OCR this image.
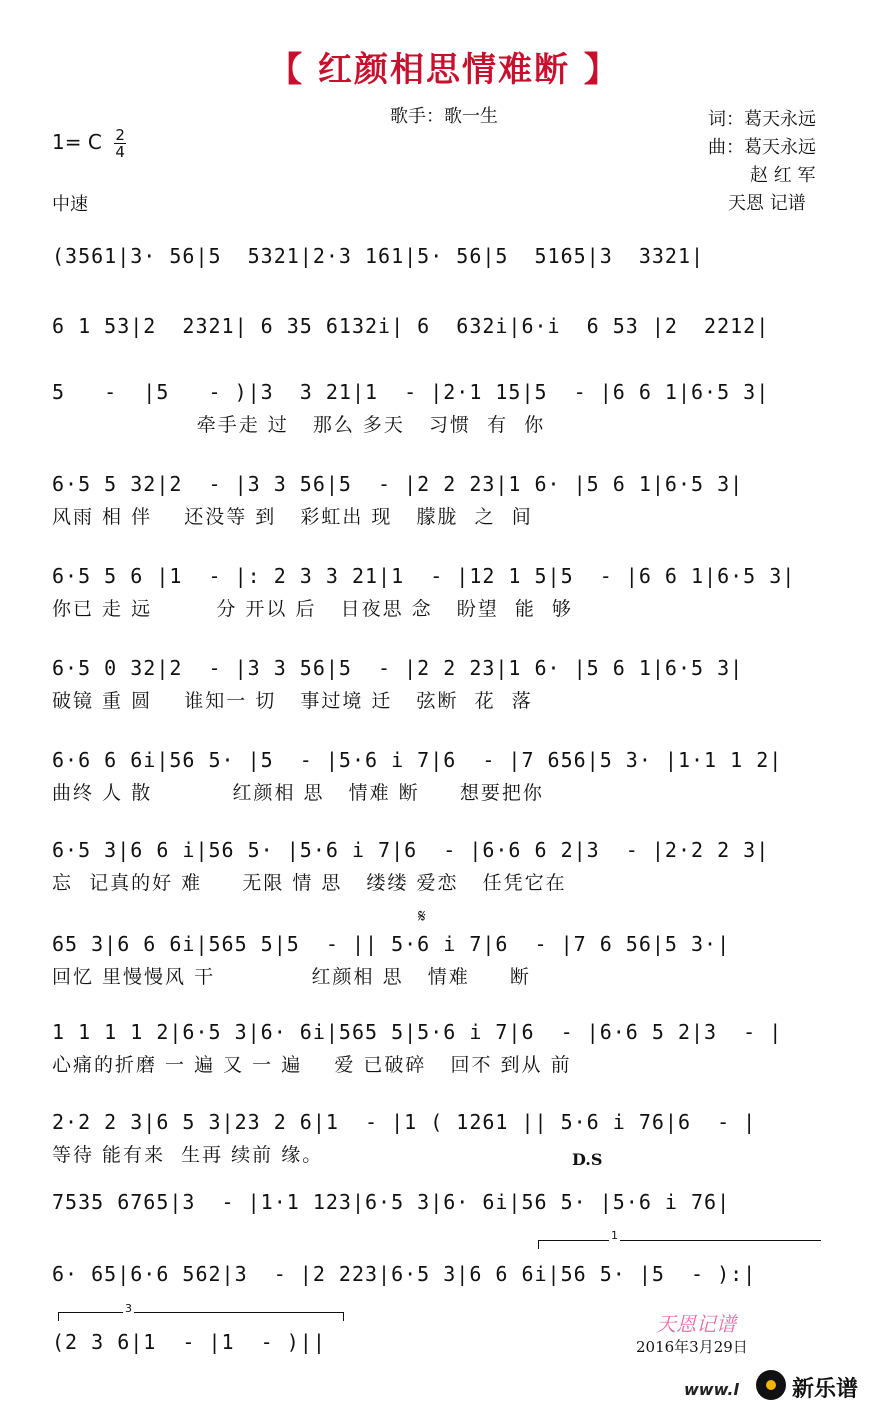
【 红颜相思情难断 】
歌手：歌一生	词：葛天永远
曲：葛天永远
赵 红 军
天恩 记谱
1= C $\frac{2}{4}$
中速
(3561|3· 56|5  5321|2·3 161|5· 56|5  5165|3  3321|
6 1 53|2  2321| 6 35 6132i| 6  632i|6·i  6 53 |2  2212|
5   -  |5   - )|3  3 21|1  - |2·1 15|5  - |6 6 1|6·5 3|
牵手走 过   那么 多天   习惯  有  你
6·5 5 32|2  - |3 3 56|5  - |2 2 23|1 6· |5 6 1|6·5 3|
风雨 相 伴    还没等 到   彩虹出 现   朦胧  之  间
6·5 5 6 |1  - |: 2 3 3 21|1  - |12 1 5|5  - |6 6 1|6·5 3|
你已 走 远        分 开以 后   日夜思 念   盼望  能  够
6·5 0 32|2  - |3 3 56|5  - |2 2 23|1 6· |5 6 1|6·5 3|
破镜 重 圆    谁知一 切   事过境 迁   弦断  花  落
6·6 6 6i|56 5· |5  - |5·6 i 7|6  - |7 656|5 3· |1·1 1 2|
曲终 人 散          红颜相 思   情难 断     想要把你
6·5 3|6 6 i|56 5· |5·6 i 7|6  - |6·6 6 2|3  - |2·2 2 3|
忘  记真的好 难     无限 情 思   缕缕 爱恋   任凭它在
𝄋
65 3|6 6 6i|565 5|5  - || 5·6 i 7|6  - |7 6 56|5 3·|
回忆 里慢慢风 干            红颜相 思   情难     断
1 1 1 1 2|6·5 3|6· 6i|565 5|5·6 i 7|6  - |6·6 5 2|3  - |
心痛的折磨 一 遍 又 一 遍    爱 已破碎   回不 到从 前
2·2 2 3|6 5 3|23 2 6|1  - |1 ( 1261 || 5·6 i 76|6  - |
等待 能有来  生再 续前 缘。	D.S
7535 6765|3  - |1·1 123|6·5 3|6· 6i|56 5· |5·6 i 76|
1
6· 65|6·6 562|3  - |2 223|6·5 3|6 6 6i|56 5· |5  - ):|
3
(2 3 6|1  - |1  - )||
天恩记谱
2016年3月29日
www.l 新乐谱
